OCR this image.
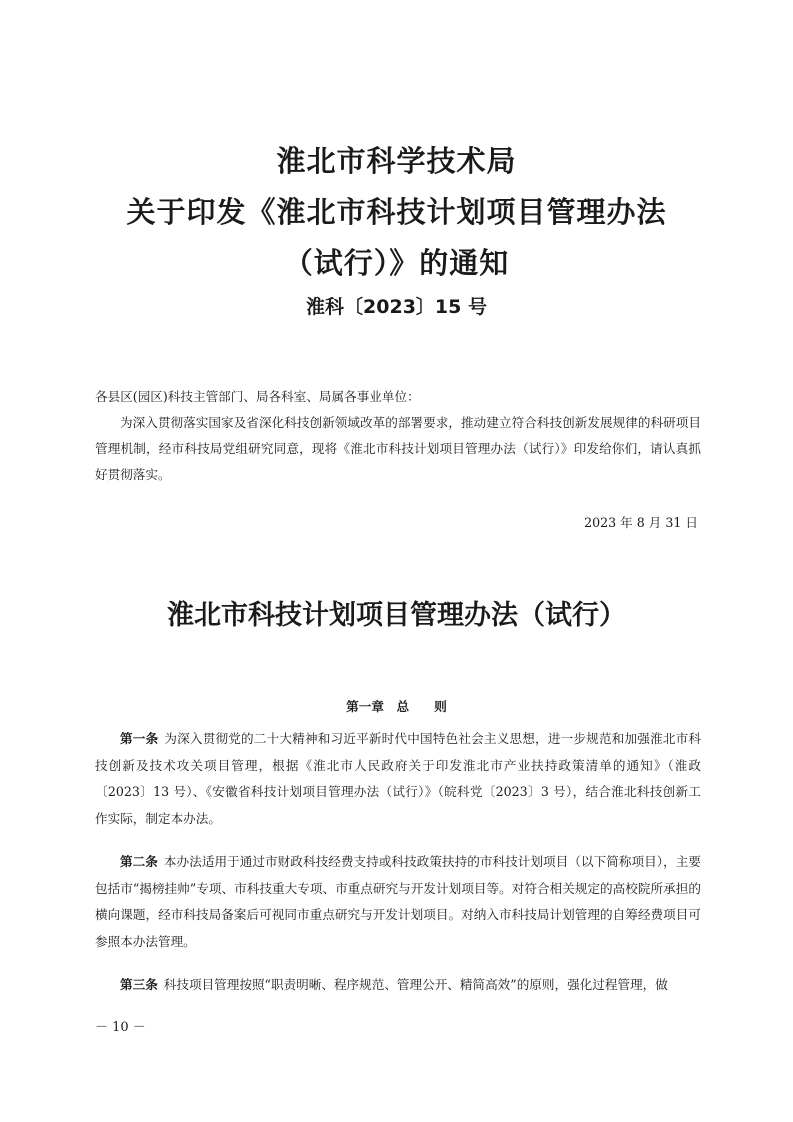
淮北市科学技术局
关于印发《淮北市科技计划项目管理办法
（试行）》的通知
淮科〔2023〕15 号

各县区(园区)科技主管部门、局各科室、局属各事业单位：

为深入贯彻落实国家及省深化科技创新领域改革的部署要求，推动建立符合科技创新发展规律的科研项目管理机制，经市科技局党组研究同意，现将《淮北市科技计划项目管理办法（试行）》印发给你们，请认真抓好贯彻落实。

2023 年 8 月 31 日
淮北市科技计划项目管理办法（试行）
第一章　总　　则

第一条 为深入贯彻党的二十大精神和习近平新时代中国特色社会主义思想，进一步规范和加强淮北市科技创新及技术攻关项目管理，根据《淮北市人民政府关于印发淮北市产业扶持政策清单的通知》（淮政〔2023〕13 号）、《安徽省科技计划项目管理办法（试行）》（皖科党〔2023〕3 号），结合淮北科技创新工作实际，制定本办法。

第二条 本办法适用于通过市财政科技经费支持或科技政策扶持的市科技计划项目（以下简称项目），主要包括市“揭榜挂帅”专项、市科技重大专项、市重点研究与开发计划项目等。对符合相关规定的高校院所承担的横向课题，经市科技局备案后可视同市重点研究与开发计划项目。对纳入市科技局计划管理的自筹经费项目可参照本办法管理。

第三条 科技项目管理按照“职责明晰、程序规范、管理公开、精简高效”的原则，强化过程管理，做

－ 10 －
